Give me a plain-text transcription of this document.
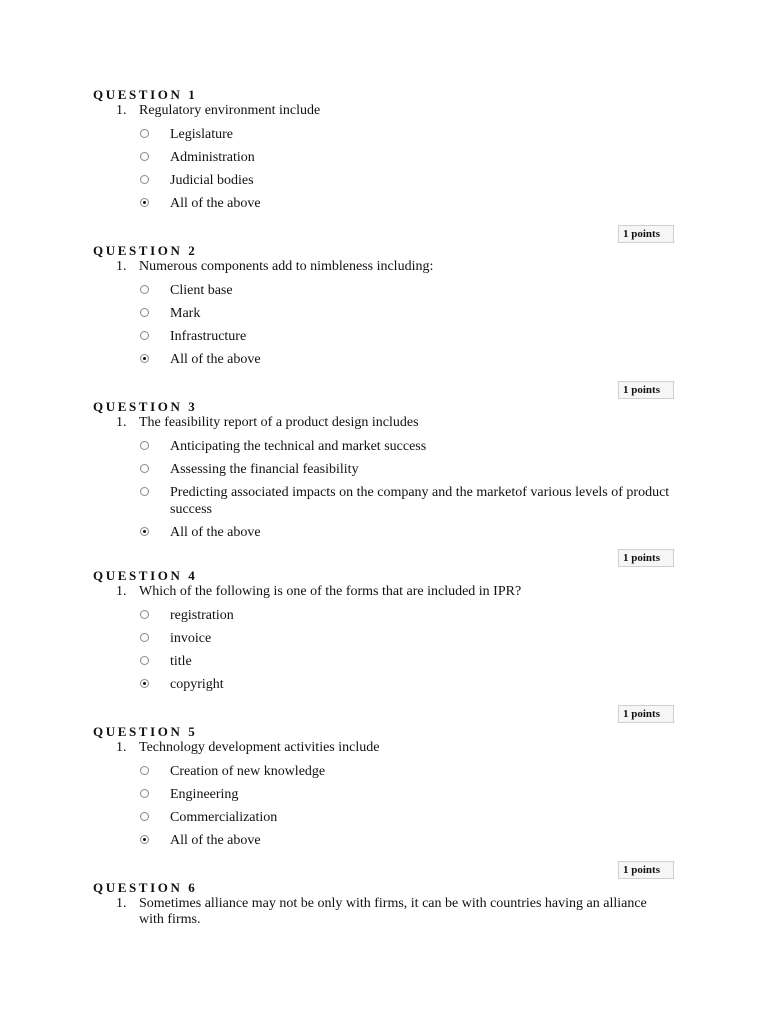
QUESTION 1
1. Regulatory environment include
Legislature
Administration
Judicial bodies
All of the above
1 points
QUESTION 2
1. Numerous components add to nimbleness including:
Client base
Mark
Infrastructure
All of the above
1 points
QUESTION 3
1. The feasibility report of a product design includes
Anticipating the technical and market success
Assessing the financial feasibility
Predicting associated impacts on the company and the marketof various levels of product success
All of the above
1 points
QUESTION 4
1. Which of the following is one of the forms that are included in IPR?
registration
invoice
title
copyright
1 points
QUESTION 5
1. Technology development activities include
Creation of new knowledge
Engineering
Commercialization
All of the above
1 points
QUESTION 6
1. Sometimes alliance may not be only with firms, it can be with countries having an alliance with firms.
